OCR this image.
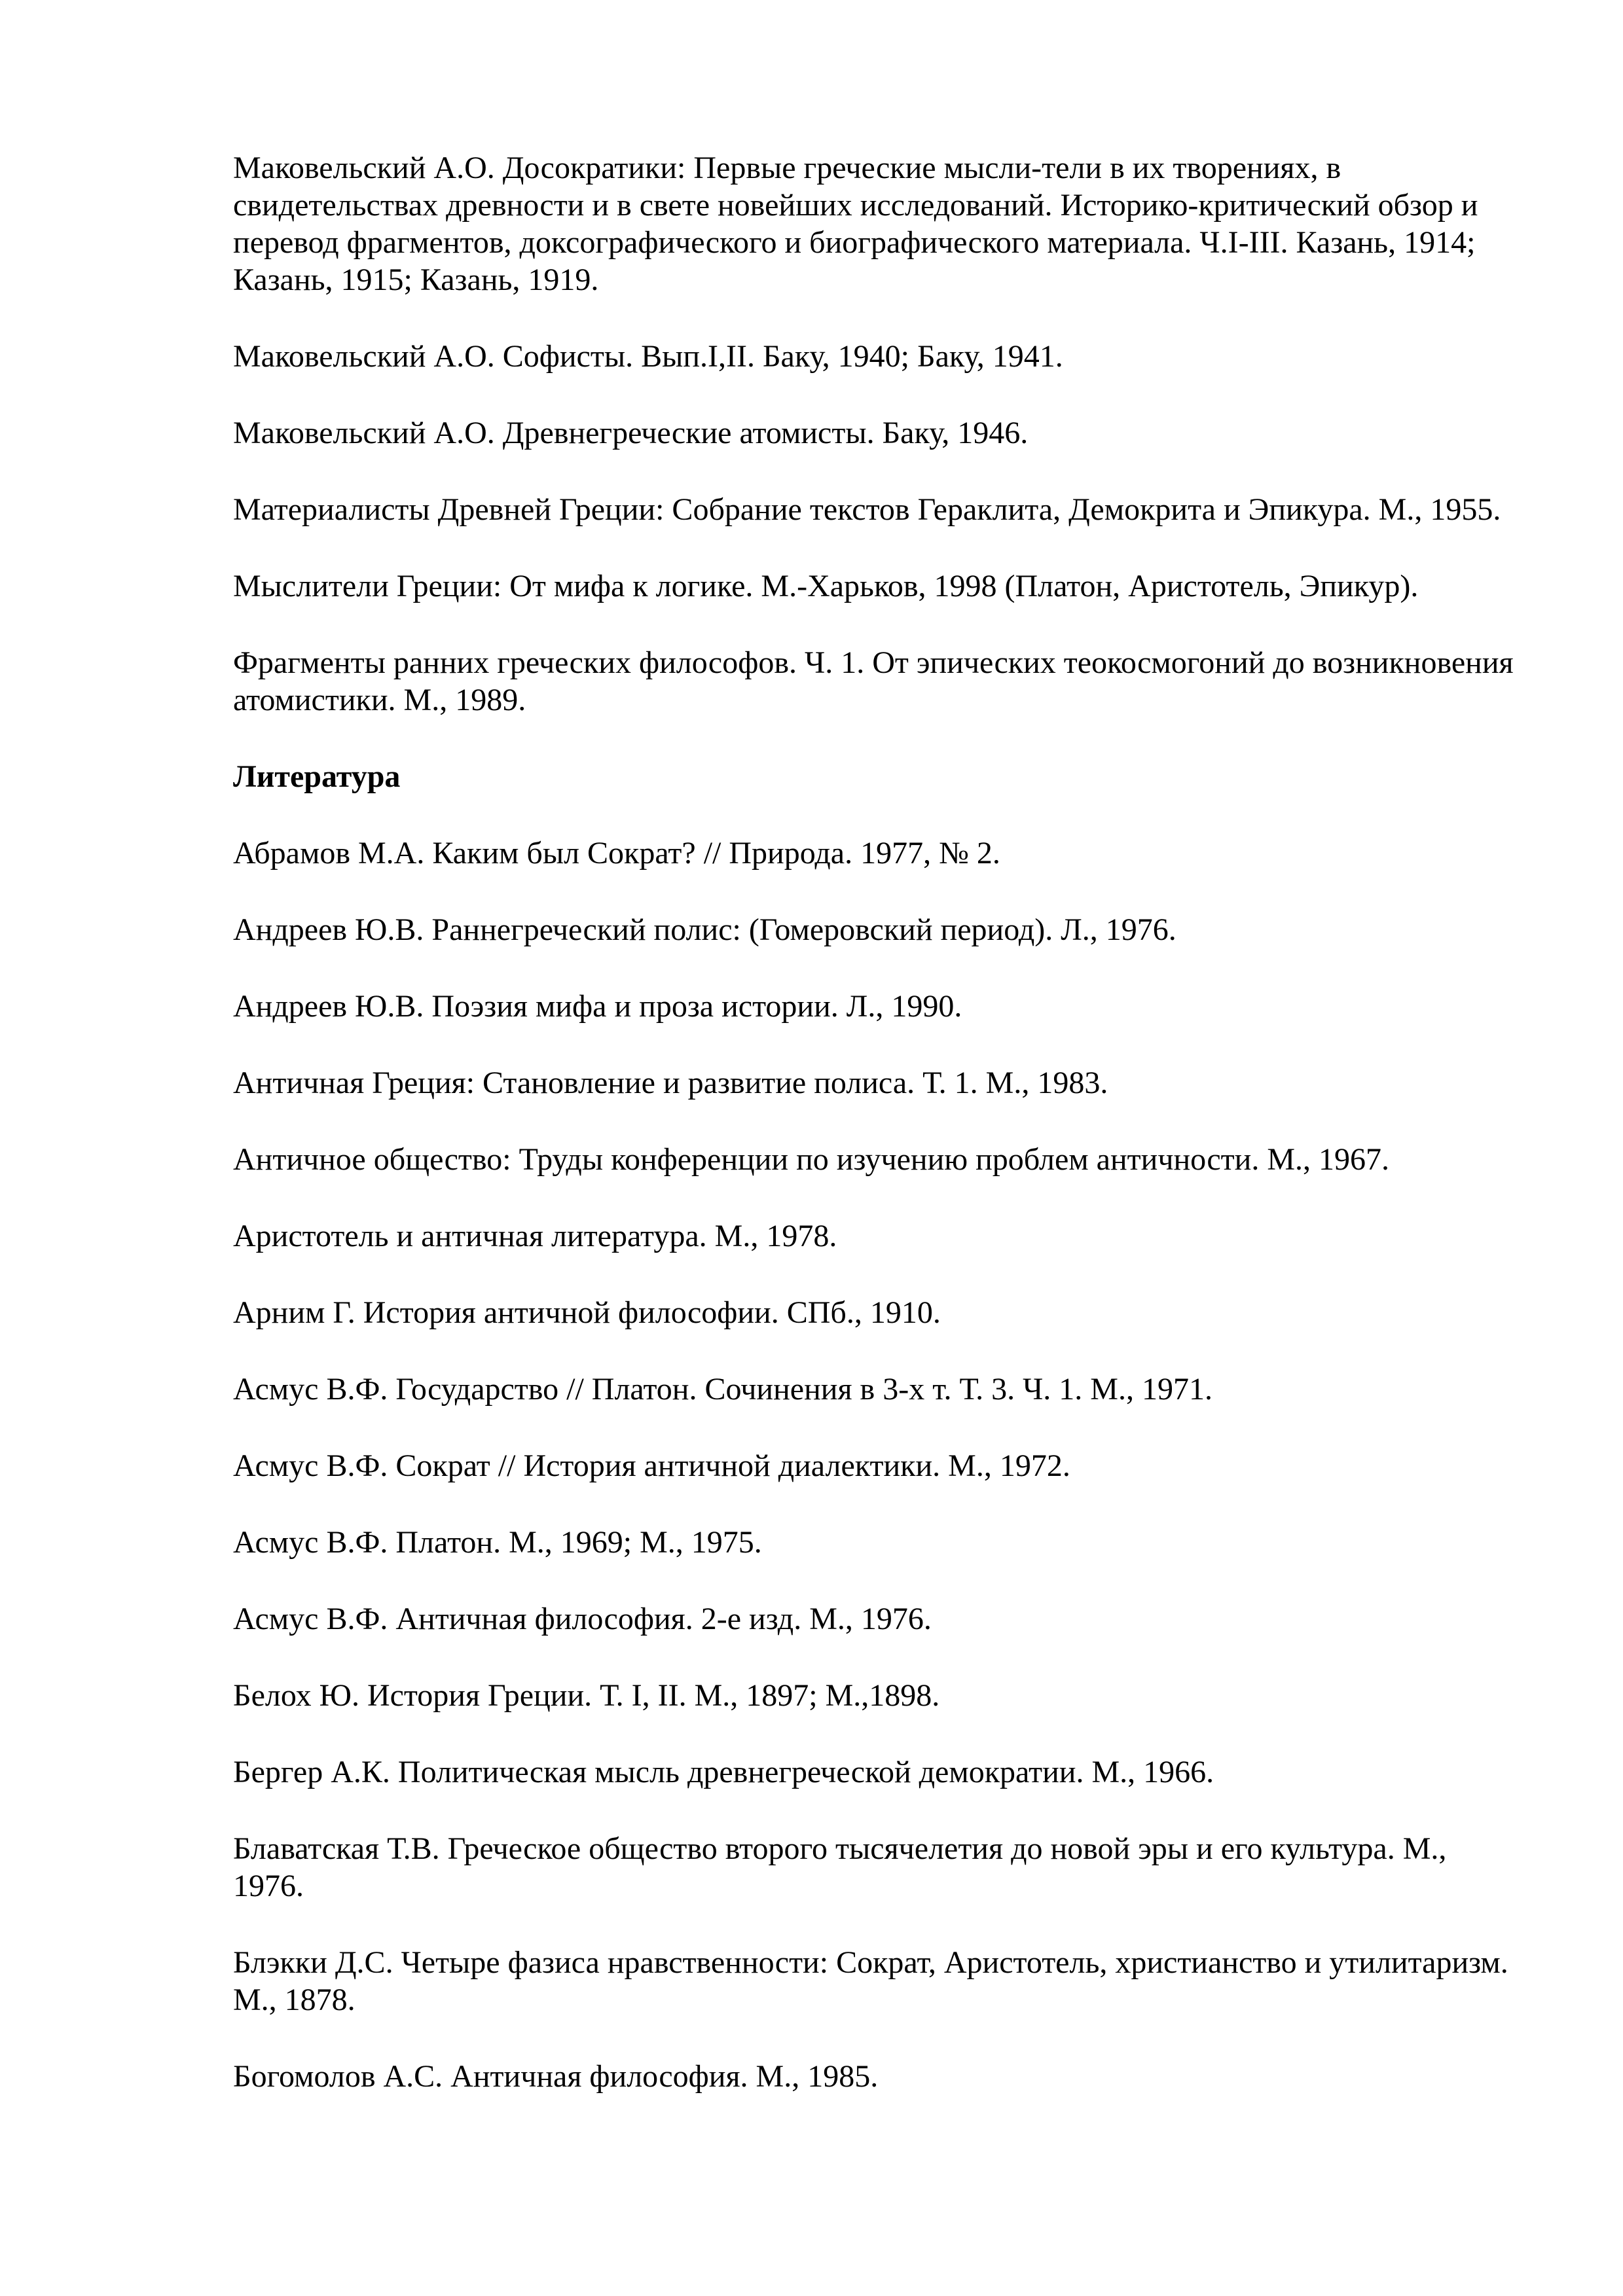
Маковельский А.О. Досократики: Первые греческие мысли-тели в их творениях, в свидетельствах древности и в свете новейших исследований. Историко-критический обзор и перевод фрагментов, доксографического и биографического материала. Ч.I-III. Казань, 1914; Казань, 1915; Казань, 1919.

Маковельский А.О. Софисты. Вып.I,II. Баку, 1940; Баку, 1941.

Маковельский А.О. Древнегреческие атомисты. Баку, 1946.

Материалисты Древней Греции: Собрание текстов Гераклита, Демокрита и Эпикура. М., 1955.

Мыслители Греции: От мифа к логике. М.-Харьков, 1998 (Платон, Аристотель, Эпикур).

Фрагменты ранних греческих философов. Ч. 1. От эпических теокосмогоний до возникновения атомистики. М., 1989.

Литература

Абрамов М.А. Каким был Сократ? // Природа. 1977, № 2.

Андреев Ю.В. Раннегреческий полис: (Гомеровский период). Л., 1976.

Андреев Ю.В. Поэзия мифа и проза истории. Л., 1990.

Античная Греция: Становление и развитие полиса. Т. 1. М., 1983.

Античное общество: Труды конференции по изучению проблем античности. М., 1967.

Аристотель и античная литература. М., 1978.

Арним Г. История античной философии. СПб., 1910.

Асмус В.Ф. Государство // Платон. Сочинения в 3-х т. Т. 3. Ч. 1. М., 1971.

Асмус В.Ф. Сократ // История античной диалектики. М., 1972.

Асмус В.Ф. Платон. М., 1969; М., 1975.

Асмус В.Ф. Античная философия. 2-е изд. М., 1976.

Белох Ю. История Греции. Т. I, II. М., 1897; М.,1898.

Бергер А.К. Политическая мысль древнегреческой демократии. М., 1966.

Блаватская Т.В. Греческое общество второго тысячелетия до новой эры и его культура. М., 1976.

Блэкки Д.С. Четыре фазиса нравственности: Сократ, Аристотель, христианство и утилитаризм. М., 1878.

Богомолов А.С. Античная философия. М., 1985.
